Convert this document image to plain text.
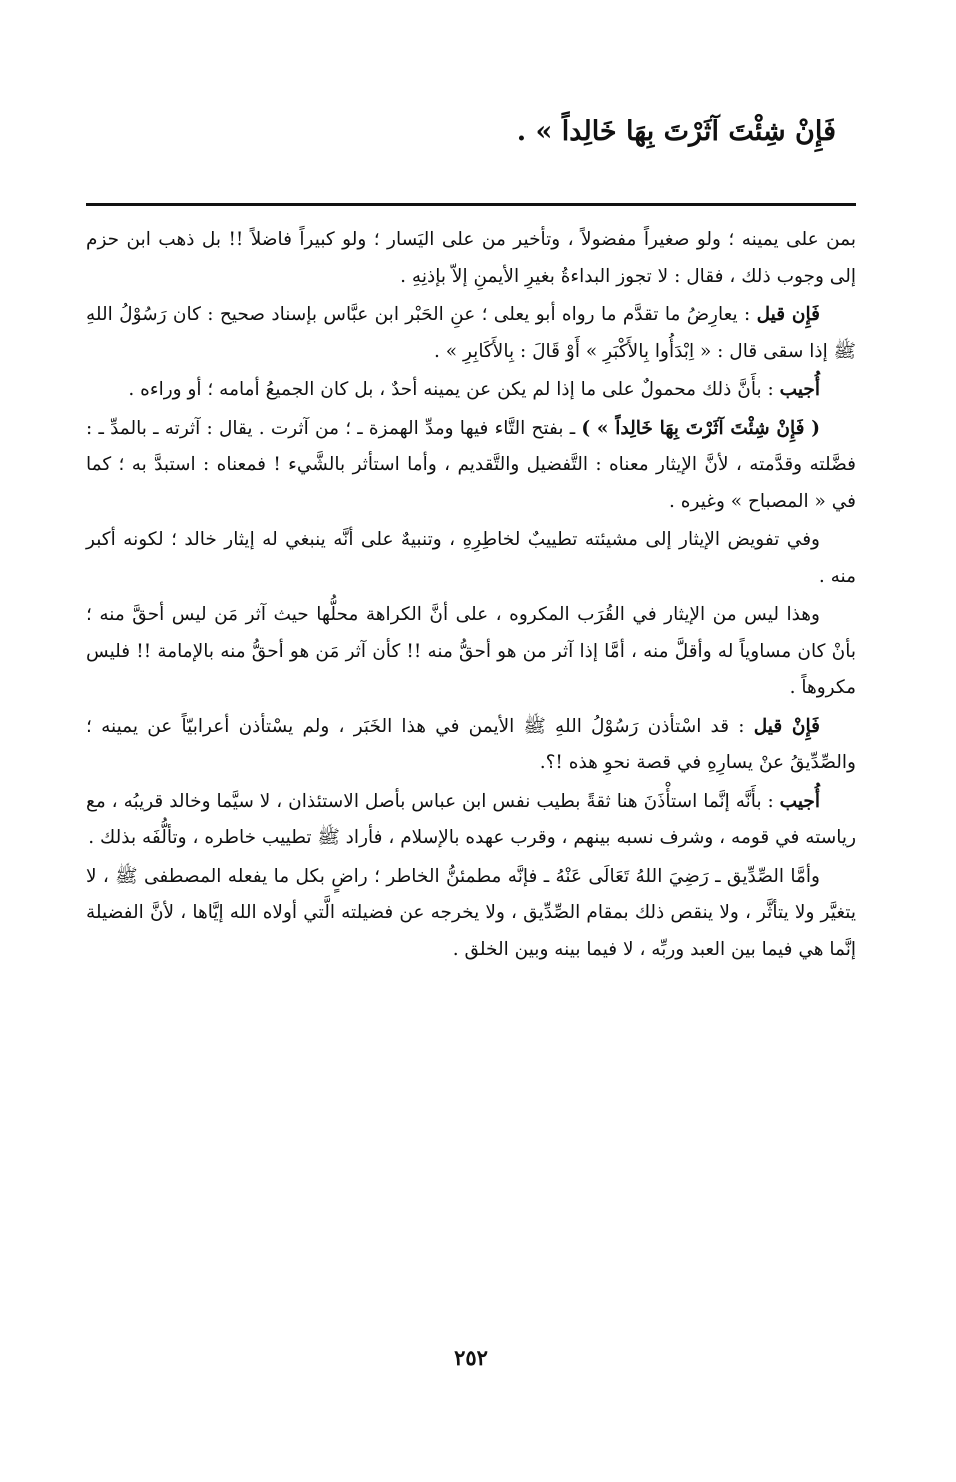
فَإِنْ شِئْتَ آثَرْتَ بِهَا خَالِداً » .

بمن على يمينه ؛ ولو صغيراً مفضولاً ، وتأخير من على اليَسار ؛ ولو كبيراً فاضلاً !! بل ذهب ابن حزم إلى وجوب ذلك ، فقال : لا تجوز البداءةُ بغيرِ الأيمنِ إلاّ بإذنِهِ .

فَإِن قيل : يعارِضُ ما تقدَّم ما رواه أبو يعلى ؛ عنِ الحَبْر ابن عبَّاس بإسناد صحيح : كان رَسُوْلُ اللهِ ﷺ إذا سقى قال : « اِبْدَأُوا بِالأَكْبَرِ » أَوْ قَالَ : بِالأَكَابِرِ » .

أُجيب : بأَنَّ ذلك محمولٌ على ما إذا لم يكن عن يمينه أحدٌ ، بل كان الجميعُ أمامه ؛ أو وراءه .

( فَإِنْ شِئْتَ آثَرْتَ بِهَا خَالِداً » ) ـ بفتح التَّاء فيها ومدِّ الهمزة ـ ؛ من آثرت . يقال : آثرته ـ بالمدِّ ـ : فضَّلته وقدَّمته ، لأنَّ الإيثار معناه : التَّفضيل والتَّقديم ، وأما استأثر بالشَّيء ! فمعناه : استبدَّ به ؛ كما في « المصباح » وغيره .

وفي تفويض الإيثار إلى مشيئته تطييبٌ لخاطِرِهِ ، وتنبيهٌ على أنَّه ينبغي له إيثار خالد ؛ لكونه أكبر منه .

وهذا ليس من الإيثار في القُرَب المكروه ، على أنَّ الكراهة محلُّها حيث آثر مَن ليس أحقَّ منه ؛ بأنْ كان مساوياً له وأقلَّ منه ، أمَّا إذا آثر من هو أحقُّ منه !! كأن آثر مَن هو أحقُّ منه بالإمامة !! فليس مكروهاً .

فَإِنْ قيل : قد اسْتأذن رَسُوْلُ اللهِ ﷺ الأيمن في هذا الخَبَر ، ولم يسْتأذن أعرابيّاً عن يمينه ؛ والصِّدِّيقُ عنْ يسارِهِ في قصة نحوِ هذه !؟.

أُجيب : بأَنَّه إنَّما استأْذَنَ هنا ثقةً بطيب نفس ابن عباس بأصل الاستئذان ، لا سيَّما وخالد قريبُه ، مع رياسته في قومه ، وشرف نسبه بينهم ، وقرب عهده بالإسلام ، فأراد ﷺ تطييب خاطره ، وتألُّفَه بذلك .

وأمَّا الصِّدِّيق ـ رَضِيَ اللهُ تَعَالَى عَنْهُ ـ فإنَّه مطمئنُّ الخاطر ؛ راضٍ بكل ما يفعله المصطفى ﷺ ، لا يتغيَّر ولا يتأثَّر ، ولا ينقص ذلك بمقام الصِّدِّيق ، ولا يخرجه عن فضيلته الَّتي أولاه الله إيَّاها ، لأنَّ الفضيلة إنَّما هي فيما بين العبد وربِّه ، لا فيما بينه وبين الخلق .

٢٥٢
